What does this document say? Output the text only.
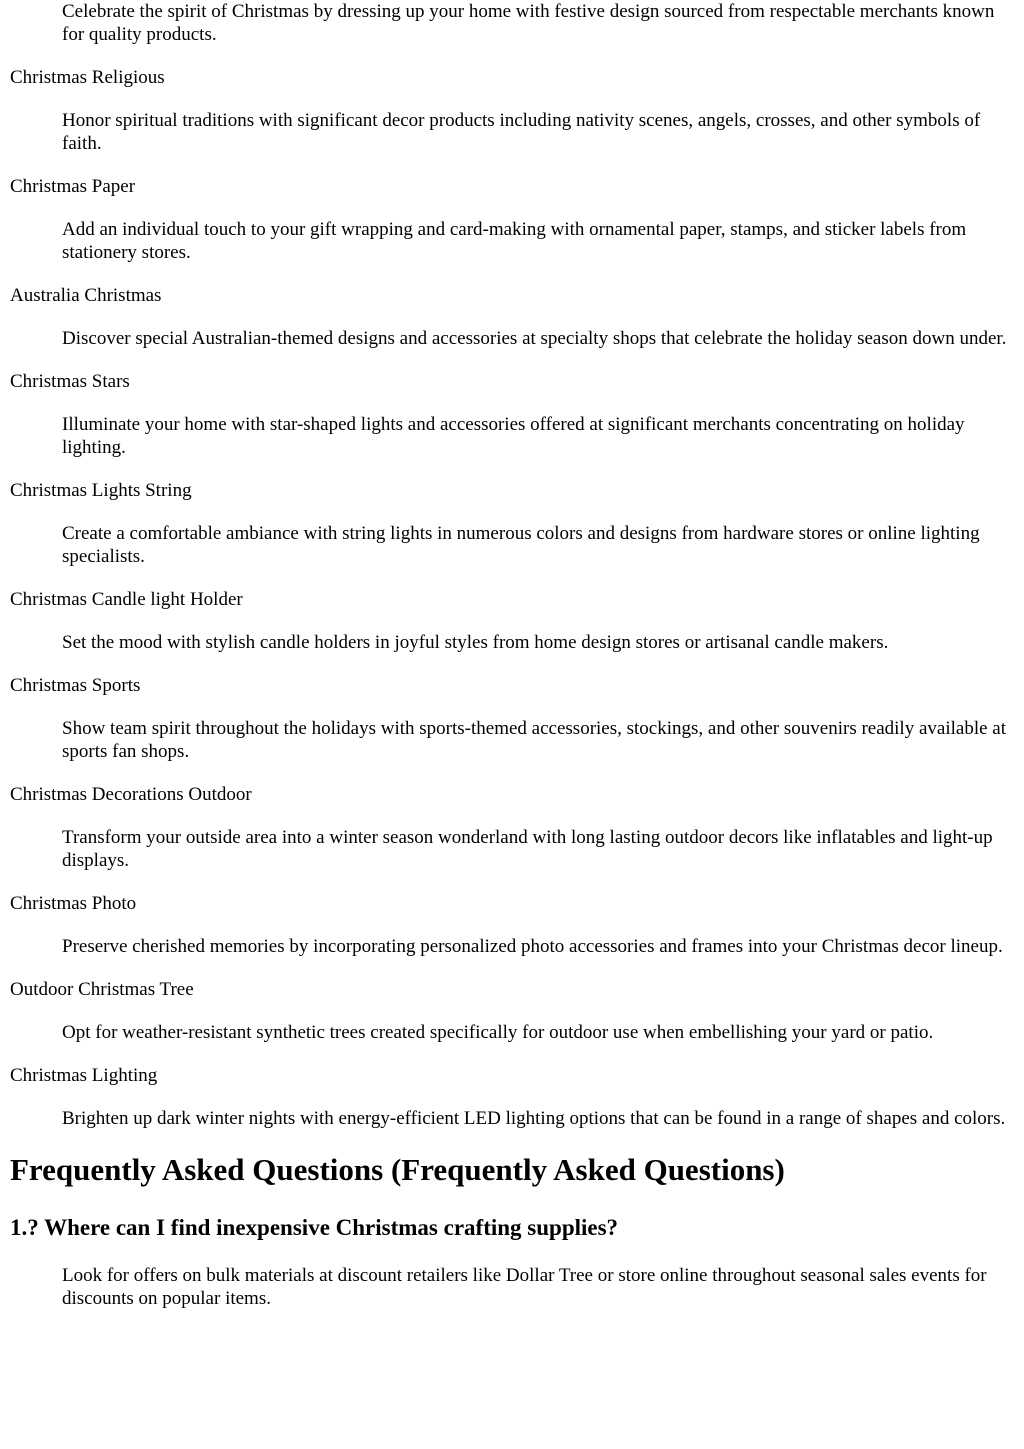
Celebrate the spirit of Christmas by dressing up your home with festive design sourced from respectable merchants known for quality products.

Christmas Religious

Honor spiritual traditions with significant decor products including nativity scenes, angels, crosses, and other symbols of faith.

Christmas Paper

Add an individual touch to your gift wrapping and card-making with ornamental paper, stamps, and sticker labels from stationery stores.

Australia Christmas

Discover special Australian-themed designs and accessories at specialty shops that celebrate the holiday season down under.

Christmas Stars

Illuminate your home with star-shaped lights and accessories offered at significant merchants concentrating on holiday lighting.

Christmas Lights String

Create a comfortable ambiance with string lights in numerous colors and designs from hardware stores or online lighting specialists.

Christmas Candle light Holder

Set the mood with stylish candle holders in joyful styles from home design stores or artisanal candle makers.

Christmas Sports

Show team spirit throughout the holidays with sports-themed accessories, stockings, and other souvenirs readily available at sports fan shops.

Christmas Decorations Outdoor

Transform your outside area into a winter season wonderland with long lasting outdoor decors like inflatables and light-up displays.

Christmas Photo

Preserve cherished memories by incorporating personalized photo accessories and frames into your Christmas decor lineup.

Outdoor Christmas Tree

Opt for weather-resistant synthetic trees created specifically for outdoor use when embellishing your yard or patio.

Christmas Lighting

Brighten up dark winter nights with energy-efficient LED lighting options that can be found in a range of shapes and colors.

Frequently Asked Questions (Frequently Asked Questions)
1.? Where can I find inexpensive Christmas crafting supplies?

Look for offers on bulk materials at discount retailers like Dollar Tree or store online throughout seasonal sales events for discounts on popular items.
